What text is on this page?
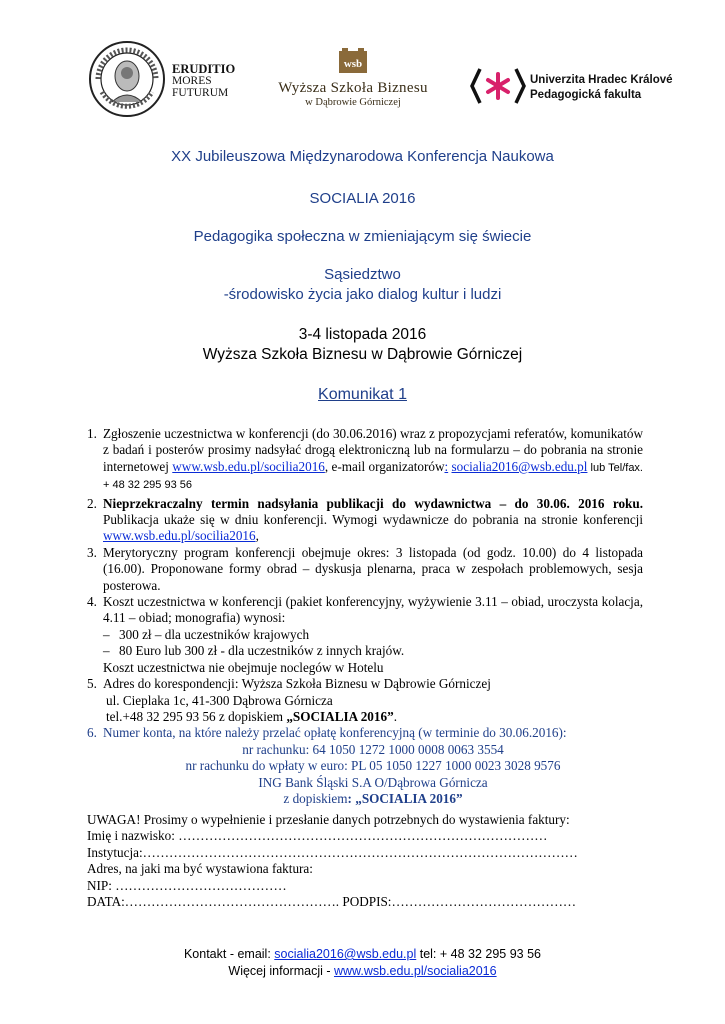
ERUDITIO
MORES
FUTURUM
wsb
Wyższa Szkoła Biznesu
w Dąbrowie Górniczej
Univerzita Hradec Králové
Pedagogická fakulta
XX Jubileuszowa Międzynarodowa Konferencja Naukowa
SOCIALIA 2016
Pedagogika społeczna w zmieniającym się świecie
Sąsiedztwo
-środowisko życia jako dialog kultur i ludzi
3-4 listopada 2016
Wyższa Szkoła Biznesu w Dąbrowie Górniczej
Komunikat 1
1. Zgłoszenie uczestnictwa w konferencji (do 30.06.2016) wraz z propozycjami referatów, komunikatów z badań i posterów prosimy nadsyłać drogą elektroniczną lub na formularzu – do pobrania na stronie internetowej www.wsb.edu.pl/socilia2016, e-mail organizatorów: socialia2016@wsb.edu.pl lub Tel/fax. + 48 32 295 93 56
2. Nieprzekraczalny termin nadsyłania publikacji do wydawnictwa – do 30.06. 2016 roku. Publikacja ukaże się w dniu konferencji. Wymogi wydawnicze do pobrania na stronie konferencji www.wsb.edu.pl/socilia2016,
3. Merytoryczny program konferencji obejmuje okres: 3 listopada (od godz. 10.00) do 4 listopada (16.00). Proponowane formy obrad – dyskusja plenarna, praca w zespołach problemowych, sesja posterowa.
4. Koszt uczestnictwa w konferencji (pakiet konferencyjny, wyżywienie 3.11 – obiad, uroczysta kolacja, 4.11 – obiad; monografia) wynosi:
– 300 zł – dla uczestników krajowych
– 80 Euro lub 300 zł - dla uczestników z innych krajów.
Koszt uczestnictwa nie obejmuje noclegów w Hotelu
5. Adres do korespondencji: Wyższa Szkoła Biznesu w Dąbrowie Górniczej
ul. Cieplaka 1c, 41-300 Dąbrowa Górnicza
tel.+48 32 295 93 56 z dopiskiem „SOCIALIA 2016”.
6. Numer konta, na które należy przelać opłatę konferencyjną (w terminie do 30.06.2016):
nr rachunku: 64 1050 1272 1000 0008 0063 3554
nr rachunku do wpłaty w euro: PL 05 1050 1227 1000 0023 3028 9576
ING Bank Śląski S.A O/Dąbrowa Górnicza
z dopiskiem: „SOCIALIA 2016”

UWAGA! Prosimy o wypełnienie i przesłanie danych potrzebnych do wystawienia faktury:

Imię i nazwisko: …………………………………………………………………………

Instytucja:………………………………………………………………………………………

Adres, na jaki ma być wystawiona faktura:

NIP: …………………………………

DATA:…………………………………………. PODPIS:……………………………………

Kontakt - email: socialia2016@wsb.edu.pl tel: + 48 32 295 93 56

Więcej informacji - www.wsb.edu.pl/socialia2016
